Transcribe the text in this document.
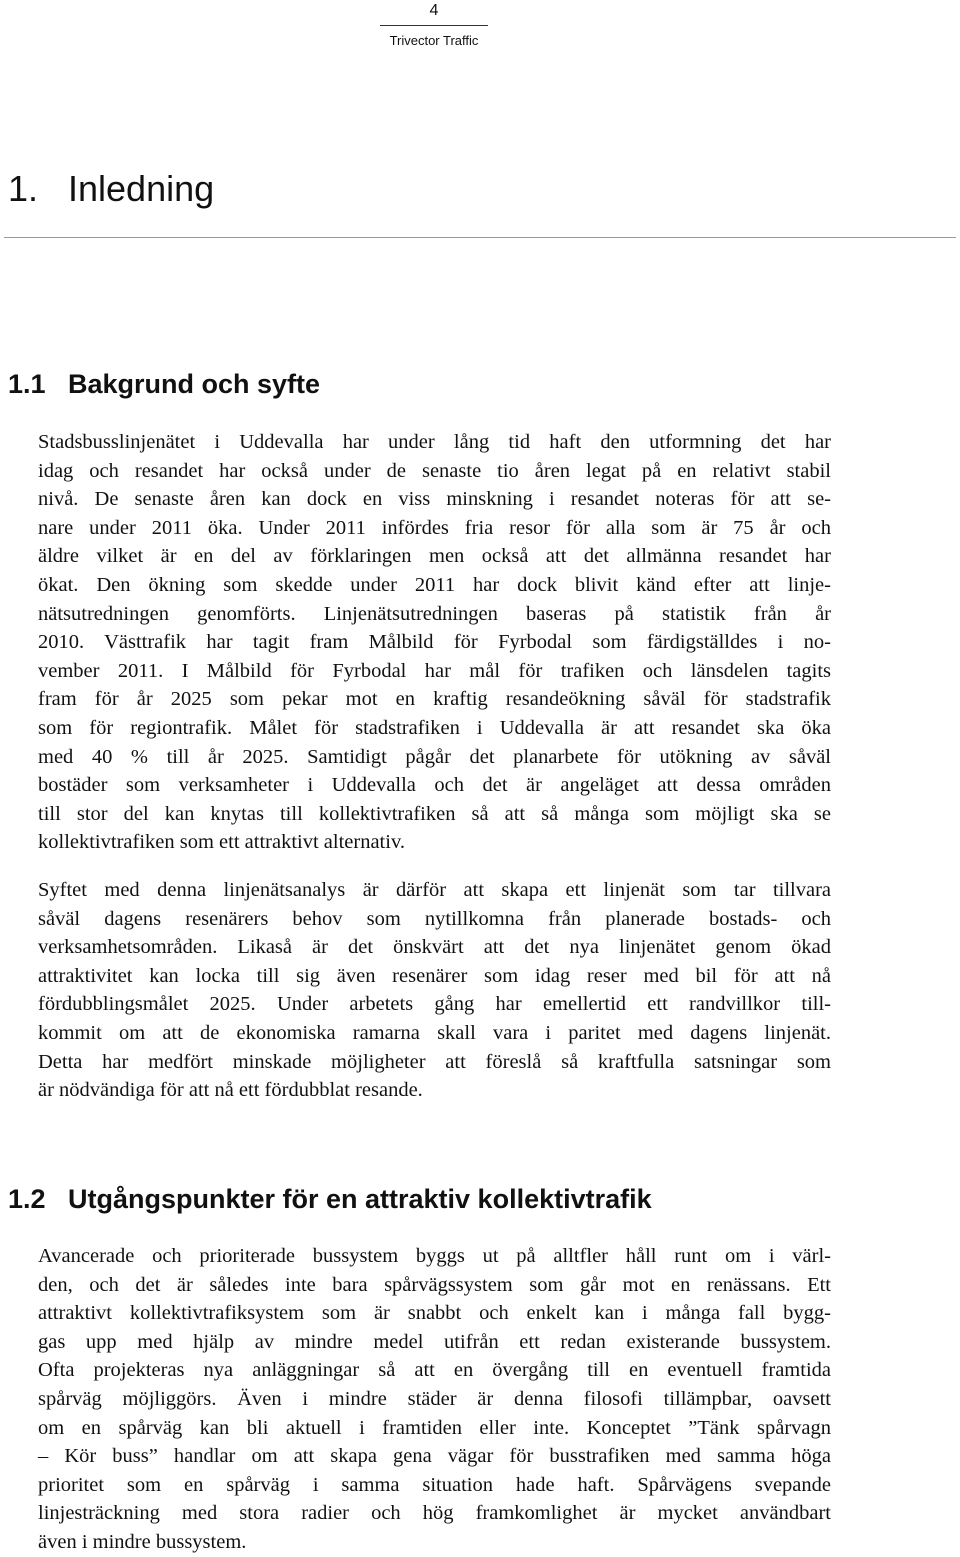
4
Trivector Traffic
1. Inledning
1.1 Bakgrund och syfte
Stadsbusslinjenätet i Uddevalla har under lång tid haft den utformning det har
idag och resandet har också under de senaste tio åren legat på en relativt stabil
nivå. De senaste åren kan dock en viss minskning i resandet noteras för att se-
nare under 2011 öka. Under 2011 infördes fria resor för alla som är 75 år och
äldre vilket är en del av förklaringen men också att det allmänna resandet har
ökat. Den ökning som skedde under 2011 har dock blivit känd efter att linje-
nätsutredningen genomförts. Linjenätsutredningen baseras på statistik från år
2010. Västtrafik har tagit fram Målbild för Fyrbodal som färdigställdes i no-
vember 2011. I Målbild för Fyrbodal har mål för trafiken och länsdelen tagits
fram för år 2025 som pekar mot en kraftig resandeökning såväl för stadstrafik
som för regiontrafik. Målet för stadstrafiken i Uddevalla är att resandet ska öka
med 40 % till år 2025. Samtidigt pågår det planarbete för utökning av såväl
bostäder som verksamheter i Uddevalla och det är angeläget att dessa områden
till stor del kan knytas till kollektivtrafiken så att så många som möjligt ska se
kollektivtrafiken som ett attraktivt alternativ.
Syftet med denna linjenätsanalys är därför att skapa ett linjenät som tar tillvara
såväl dagens resenärers behov som nytillkomna från planerade bostads- och
verksamhetsområden. Likaså är det önskvärt att det nya linjenätet genom ökad
attraktivitet kan locka till sig även resenärer som idag reser med bil för att nå
fördubblingsmålet 2025. Under arbetets gång har emellertid ett randvillkor till-
kommit om att de ekonomiska ramarna skall vara i paritet med dagens linjenät.
Detta har medfört minskade möjligheter att föreslå så kraftfulla satsningar som
är nödvändiga för att nå ett fördubblat resande.
1.2 Utgångspunkter för en attraktiv kollektivtrafik
Avancerade och prioriterade bussystem byggs ut på alltfler håll runt om i värl-
den, och det är således inte bara spårvägssystem som går mot en renässans. Ett
attraktivt kollektivtrafiksystem som är snabbt och enkelt kan i många fall bygg-
gas upp med hjälp av mindre medel utifrån ett redan existerande bussystem.
Ofta projekteras nya anläggningar så att en övergång till en eventuell framtida
spårväg möjliggörs. Även i mindre städer är denna filosofi tillämpbar, oavsett
om en spårväg kan bli aktuell i framtiden eller inte. Konceptet ”Tänk spårvagn
– Kör buss” handlar om att skapa gena vägar för busstrafiken med samma höga
prioritet som en spårväg i samma situation hade haft. Spårvägens svepande
linjesträckning med stora radier och hög framkomlighet är mycket användbart
även i mindre bussystem.
